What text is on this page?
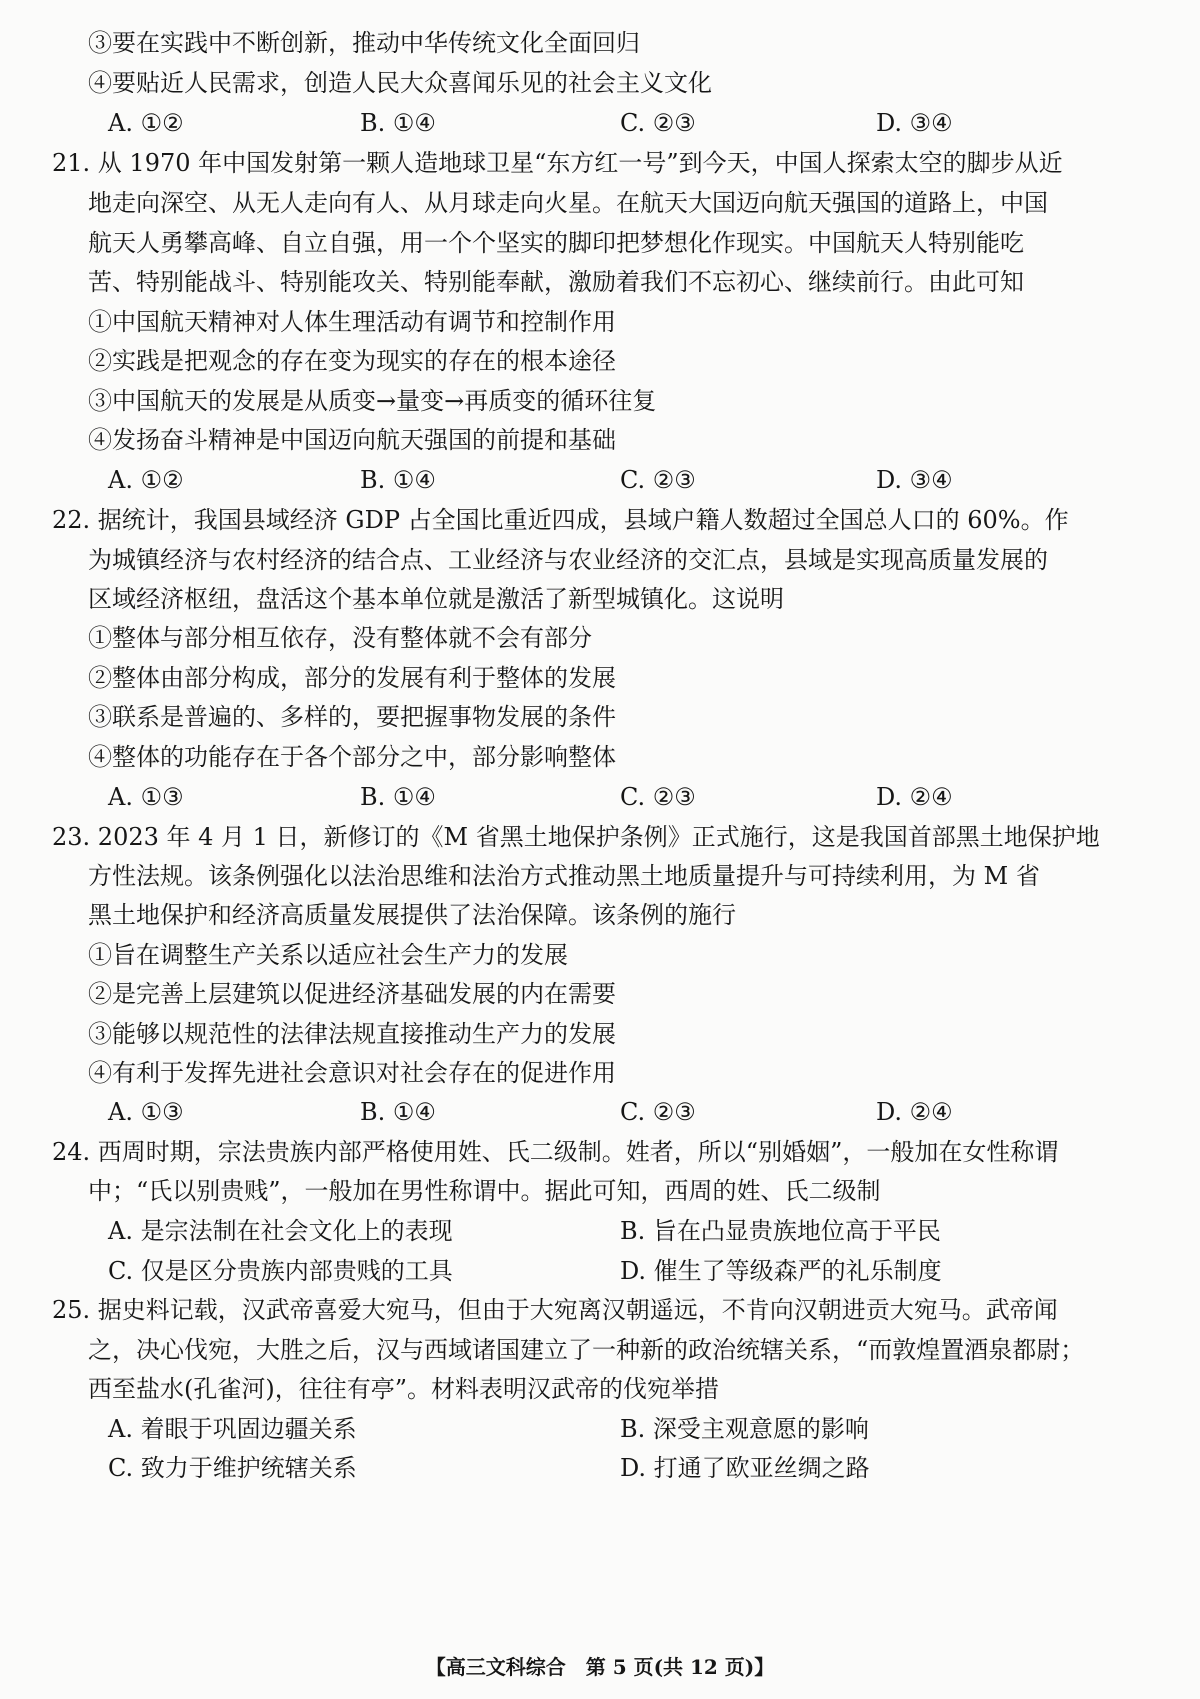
③要在实践中不断创新，推动中华传统文化全面回归
④要贴近人民需求，创造人民大众喜闻乐见的社会主义文化
A. ①②	B. ①④	C. ②③	D. ③④
21. 从 1970 年中国发射第一颗人造地球卫星“东方红一号”到今天，中国人探索太空的脚步从近
地走向深空、从无人走向有人、从月球走向火星。在航天大国迈向航天强国的道路上，中国
航天人勇攀高峰、自立自强，用一个个坚实的脚印把梦想化作现实。中国航天人特别能吃
苦、特别能战斗、特别能攻关、特别能奉献，激励着我们不忘初心、继续前行。由此可知
①中国航天精神对人体生理活动有调节和控制作用
②实践是把观念的存在变为现实的存在的根本途径
③中国航天的发展是从质变→量变→再质变的循环往复
④发扬奋斗精神是中国迈向航天强国的前提和基础
A. ①②	B. ①④	C. ②③	D. ③④
22. 据统计，我国县域经济 GDP 占全国比重近四成，县域户籍人数超过全国总人口的 60%。作
为城镇经济与农村经济的结合点、工业经济与农业经济的交汇点，县域是实现高质量发展的
区域经济枢纽，盘活这个基本单位就是激活了新型城镇化。这说明
①整体与部分相互依存，没有整体就不会有部分
②整体由部分构成，部分的发展有利于整体的发展
③联系是普遍的、多样的，要把握事物发展的条件
④整体的功能存在于各个部分之中，部分影响整体
A. ①③	B. ①④	C. ②③	D. ②④
23. 2023 年 4 月 1 日，新修订的《M 省黑土地保护条例》正式施行，这是我国首部黑土地保护地
方性法规。该条例强化以法治思维和法治方式推动黑土地质量提升与可持续利用，为 M 省
黑土地保护和经济高质量发展提供了法治保障。该条例的施行
①旨在调整生产关系以适应社会生产力的发展
②是完善上层建筑以促进经济基础发展的内在需要
③能够以规范性的法律法规直接推动生产力的发展
④有利于发挥先进社会意识对社会存在的促进作用
A. ①③	B. ①④	C. ②③	D. ②④
24. 西周时期，宗法贵族内部严格使用姓、氏二级制。姓者，所以“别婚姻”，一般加在女性称谓
中；“氏以别贵贱”，一般加在男性称谓中。据此可知，西周的姓、氏二级制
A. 是宗法制在社会文化上的表现	B. 旨在凸显贵族地位高于平民
C. 仅是区分贵族内部贵贱的工具	D. 催生了等级森严的礼乐制度
25. 据史料记载，汉武帝喜爱大宛马，但由于大宛离汉朝遥远，不肯向汉朝进贡大宛马。武帝闻
之，决心伐宛，大胜之后，汉与西域诸国建立了一种新的政治统辖关系，“而敦煌置酒泉都尉；
西至盐水(孔雀河)，往往有亭”。材料表明汉武帝的伐宛举措
A. 着眼于巩固边疆关系	B. 深受主观意愿的影响
C. 致力于维护统辖关系	D. 打通了欧亚丝绸之路
【高三文科综合　第 5 页(共 12 页)】
